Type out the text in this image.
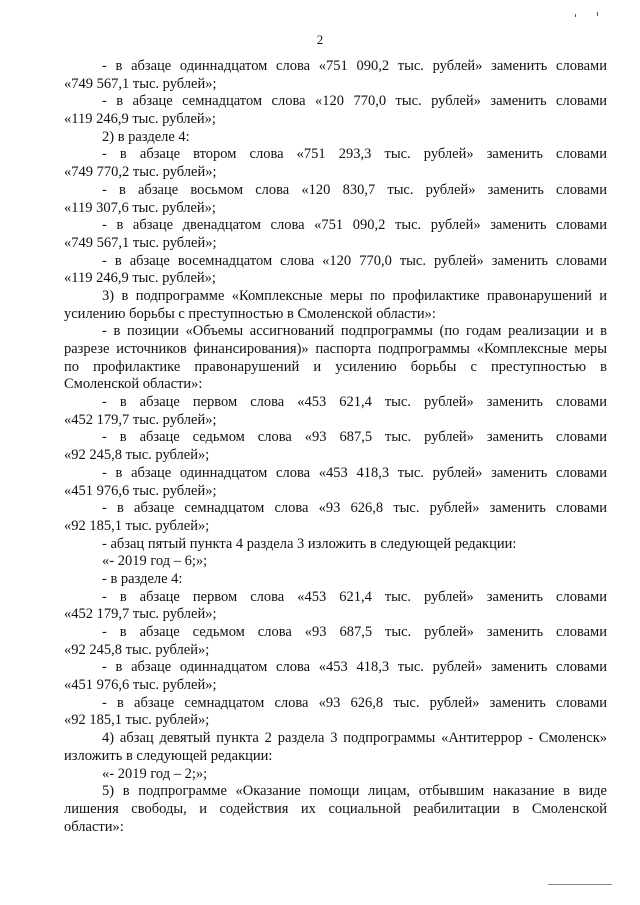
2
- в абзаце одиннадцатом слова «751 090,2 тыс. рублей» заменить словами
«749 567,1 тыс. рублей»;
- в абзаце семнадцатом слова «120 770,0 тыс. рублей» заменить словами
«119 246,9 тыс. рублей»;
2) в разделе 4:
- в абзаце втором слова «751 293,3 тыс. рублей» заменить словами
«749 770,2 тыс. рублей»;
- в абзаце восьмом слова «120 830,7 тыс. рублей» заменить словами
«119 307,6 тыс. рублей»;
- в абзаце двенадцатом слова «751 090,2 тыс. рублей» заменить словами
«749 567,1 тыс. рублей»;
- в абзаце восемнадцатом слова «120 770,0 тыс. рублей» заменить словами
«119 246,9 тыс. рублей»;
3) в подпрограмме «Комплексные меры по профилактике правонарушений и
усилению борьбы с преступностью в Смоленской области»:
- в позиции «Объемы ассигнований подпрограммы (по годам реализации и в
разрезе источников финансирования)» паспорта подпрограммы «Комплексные меры
по профилактике правонарушений и усилению борьбы с преступностью в
Смоленской области»:
- в абзаце первом слова «453 621,4 тыс. рублей» заменить словами
«452 179,7 тыс. рублей»;
- в абзаце седьмом слова «93 687,5 тыс. рублей» заменить словами
«92 245,8 тыс. рублей»;
- в абзаце одиннадцатом слова «453 418,3 тыс. рублей» заменить словами
«451 976,6 тыс. рублей»;
- в абзаце семнадцатом слова «93 626,8 тыс. рублей» заменить словами
«92 185,1 тыс. рублей»;
- абзац пятый пункта 4 раздела 3 изложить в следующей редакции:
«- 2019 год – 6;»;
- в разделе 4:
- в абзаце первом слова «453 621,4 тыс. рублей» заменить словами
«452 179,7 тыс. рублей»;
- в абзаце седьмом слова «93 687,5 тыс. рублей» заменить словами
«92 245,8 тыс. рублей»;
- в абзаце одиннадцатом слова «453 418,3 тыс. рублей» заменить словами
«451 976,6 тыс. рублей»;
- в абзаце семнадцатом слова «93 626,8 тыс. рублей» заменить словами
«92 185,1 тыс. рублей»;
4) абзац девятый пункта 2 раздела 3 подпрограммы «Антитеррор - Смоленск»
изложить в следующей редакции:
«- 2019 год – 2;»;
5) в подпрограмме «Оказание помощи лицам, отбывшим наказание в виде
лишения свободы, и содействия их социальной реабилитации в Смоленской
области»:
